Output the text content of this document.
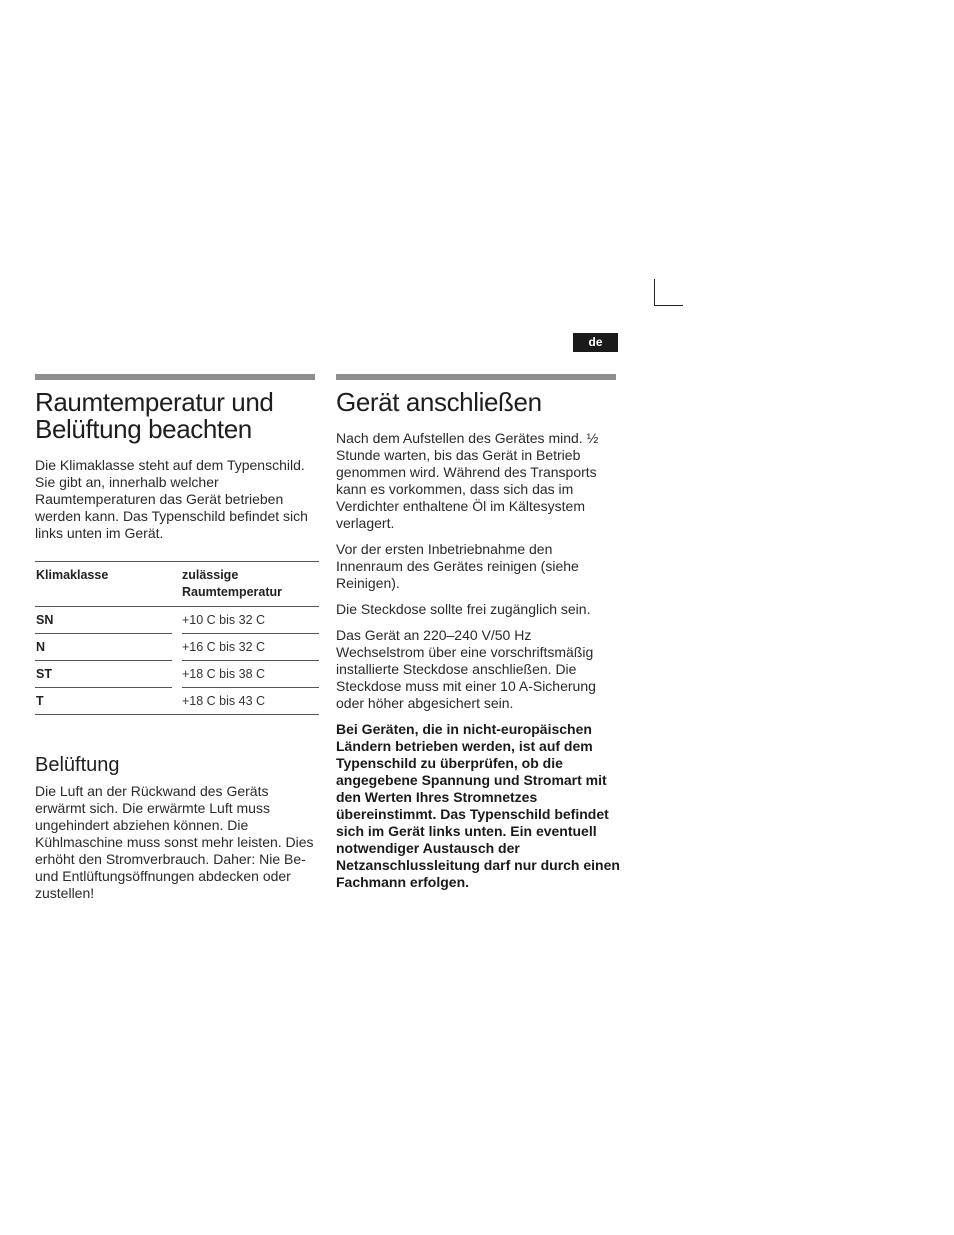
de
Raumtemperatur und Belüftung beachten

Die Klimaklasse steht auf dem Typenschild. Sie gibt an, innerhalb welcher Raumtemperaturen das Gerät betrieben werden kann. Das Typenschild befindet sich links unten im Gerät.

Klimaklasse	zulässige Raumtemperatur	
SN		+10 C bis 32 C
N		+16 C bis 32 C
ST		+18 C bis 38 C
T		+18 C bis 43 C
Belüftung

Die Luft an der Rückwand des Geräts erwärmt sich. Die erwärmte Luft muss ungehindert abziehen können. Die Kühlmaschine muss sonst mehr leisten. Dies erhöht den Stromverbrauch. Daher: Nie Be- und Entlüftungsöffnungen abdecken oder zustellen!

Gerät anschließen

Nach dem Aufstellen des Gerätes mind. ½ Stunde warten, bis das Gerät in Betrieb genommen wird. Während des Transports kann es vorkommen, dass sich das im Verdichter enthaltene Öl im Kältesystem verlagert.

Vor der ersten Inbetriebnahme den Innenraum des Gerätes reinigen (siehe Reinigen).

Die Steckdose sollte frei zugänglich sein.

Das Gerät an 220–240 V/50 Hz Wechselstrom über eine vorschriftsmäßig installierte Steckdose anschließen. Die Steckdose muss mit einer 10 A-Sicherung oder höher abgesichert sein.

Bei Geräten, die in nicht-europäischen Ländern betrieben werden, ist auf dem Typenschild zu überprüfen, ob die angegebene Spannung und Stromart mit den Werten Ihres Stromnetzes übereinstimmt. Das Typenschild befindet sich im Gerät links unten. Ein eventuell notwendiger Austausch der Netzanschlussleitung darf nur durch einen Fachmann erfolgen.
